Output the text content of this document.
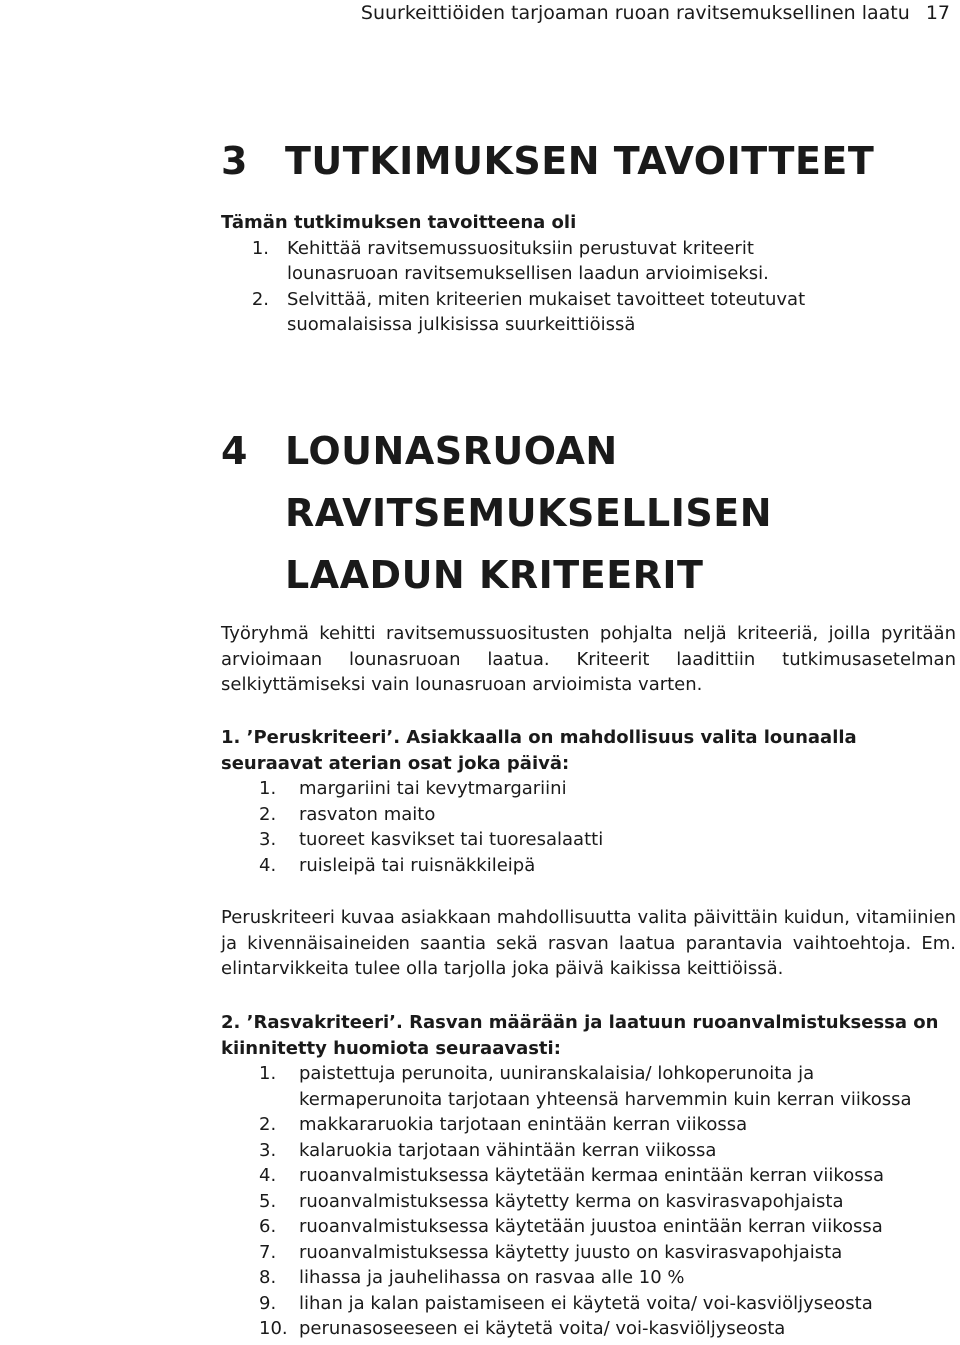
Suurkeittiöiden tarjoaman ruoan ravitsemuksellinen laatu 17
3 TUTKIMUKSEN TAVOITTEET
Tämän tutkimuksen tavoitteena oli
1.	Kehittää ravitsemussuosituksiin perustuvat kriteerit lounasruoan ravitsemuksellisen laadun arvioimiseksi.
2.	Selvittää, miten kriteerien mukaiset tavoitteet toteutuvat suomalaisissa julkisissa suurkeittiöissä
4 LOUNASRUOAN
RAVITSEMUKSELLISEN
LAADUN KRITEERIT
Työryhmä kehitti ravitsemussuositusten pohjalta neljä kriteeriä, joilla pyritään arvioimaan lounasruoan laatua. Kriteerit laadittiin tutkimusasetelman selkiyttämiseksi vain lounasruoan arvioimista varten.
1. ’Peruskriteeri’. Asiakkaalla on mahdollisuus valita lounaalla seuraavat aterian osat joka päivä:
1.	margariini tai kevytmargariini
2.	rasvaton maito
3.	tuoreet kasvikset tai tuoresalaatti
4.	ruisleipä tai ruisnäkkileipä
Peruskriteeri kuvaa asiakkaan mahdollisuutta valita päivittäin kuidun, vitamiinien ja kivennäisaineiden saantia sekä rasvan laatua parantavia vaihtoehtoja. Em. elintarvikkeita tulee olla tarjolla joka päivä kaikissa keittiöissä.
2. ’Rasvakriteeri’. Rasvan määrään ja laatuun ruoanvalmistuksessa on kiinnitetty huomiota seuraavasti:
1.	paistettuja perunoita, uuniranskalaisia/ lohkoperunoita ja kermaperunoita tarjotaan yhteensä harvemmin kuin kerran viikossa
2.	makkararuokia tarjotaan enintään kerran viikossa
3.	kalaruokia tarjotaan vähintään kerran viikossa
4.	ruoanvalmistuksessa käytetään kermaa enintään kerran viikossa
5.	ruoanvalmistuksessa käytetty kerma on kasvirasvapohjaista
6.	ruoanvalmistuksessa käytetään juustoa enintään kerran viikossa
7.	ruoanvalmistuksessa käytetty juusto on kasvirasvapohjaista
8.	lihassa ja jauhelihassa on rasvaa alle 10 %
9.	lihan ja kalan paistamiseen ei käytetä voita/ voi-kasviöljyseosta
10. perunasoseeseen ei käytetä voita/ voi-kasviöljyseosta
